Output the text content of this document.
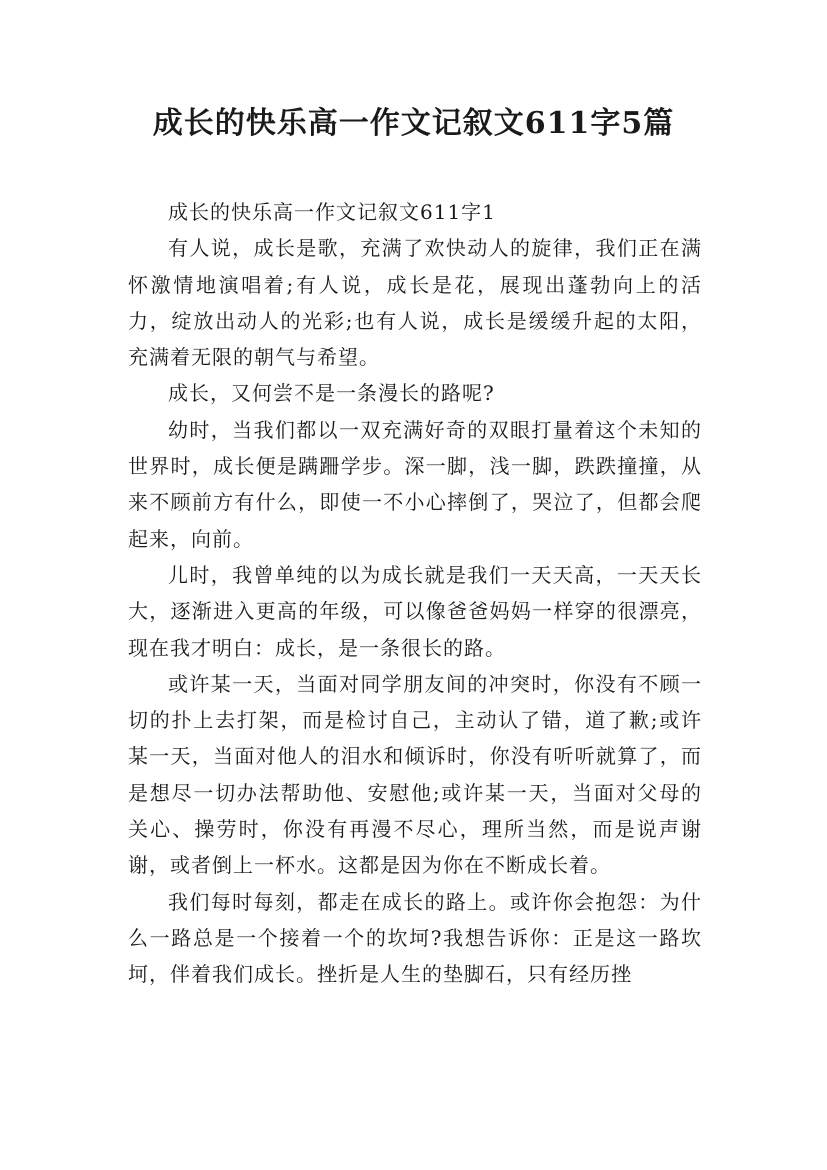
成长的快乐高一作文记叙文611字5篇

成长的快乐高一作文记叙文611字1

有人说，成长是歌，充满了欢快动人的旋律，我们正在满怀激情地演唱着;有人说，成长是花，展现出蓬勃向上的活力，绽放出动人的光彩;也有人说，成长是缓缓升起的太阳，充满着无限的朝气与希望。

成长，又何尝不是一条漫长的路呢?

幼时，当我们都以一双充满好奇的双眼打量着这个未知的世界时，成长便是蹒跚学步。深一脚，浅一脚，跌跌撞撞，从来不顾前方有什么，即使一不小心摔倒了，哭泣了，但都会爬起来，向前。

儿时，我曾单纯的以为成长就是我们一天天高，一天天长大，逐渐进入更高的年级，可以像爸爸妈妈一样穿的很漂亮，现在我才明白：成长，是一条很长的路。

或许某一天，当面对同学朋友间的冲突时，你没有不顾一切的扑上去打架，而是检讨自己，主动认了错，道了歉;或许某一天，当面对他人的泪水和倾诉时，你没有听听就算了，而是想尽一切办法帮助他、安慰他;或许某一天，当面对父母的关心、操劳时，你没有再漫不尽心，理所当然，而是说声谢谢，或者倒上一杯水。这都是因为你在不断成长着。

我们每时每刻，都走在成长的路上。或许你会抱怨：为什么一路总是一个接着一个的坎坷?我想告诉你：正是这一路坎坷，伴着我们成长。挫折是人生的垫脚石，只有经历挫
